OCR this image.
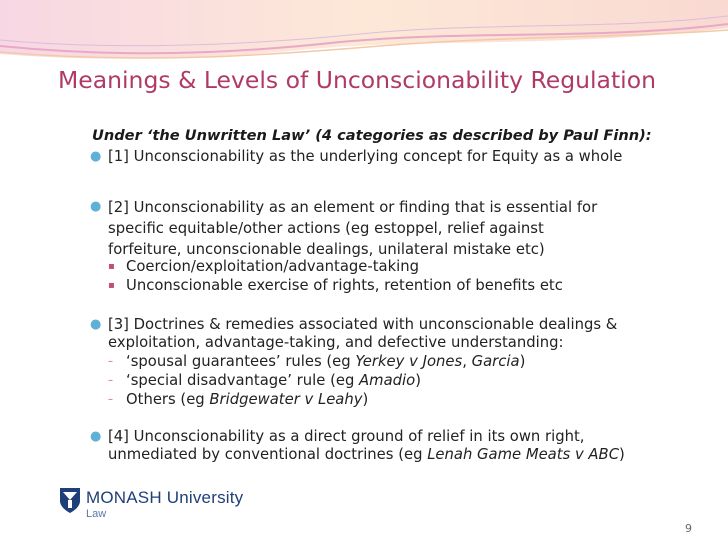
Meanings & Levels of Unconscionability Regulation
Under ‘the Unwritten Law’ (4 categories as described by Paul Finn):
● [1] Unconscionability as the underlying concept for Equity as a whole
● [2] Unconscionability as an element or finding that is essential for specific equitable/other actions (eg estoppel, relief against forfeiture, unconscionable dealings, unilateral mistake etc)
▪ Coercion/exploitation/advantage-taking
▪ Unconscionable exercise of rights, retention of benefits etc
● [3] Doctrines & remedies associated with unconscionable dealings & exploitation, advantage-taking, and defective understanding:
– ‘spousal guarantees’ rules (eg Yerkey v Jones, Garcia)
– ‘special disadvantage’ rule (eg Amadio)
– Others (eg Bridgewater v Leahy)
● [4] Unconscionability as a direct ground of relief in its own right, unmediated by conventional doctrines (eg Lenah Game Meats v ABC)
MONASH University
Law
9
